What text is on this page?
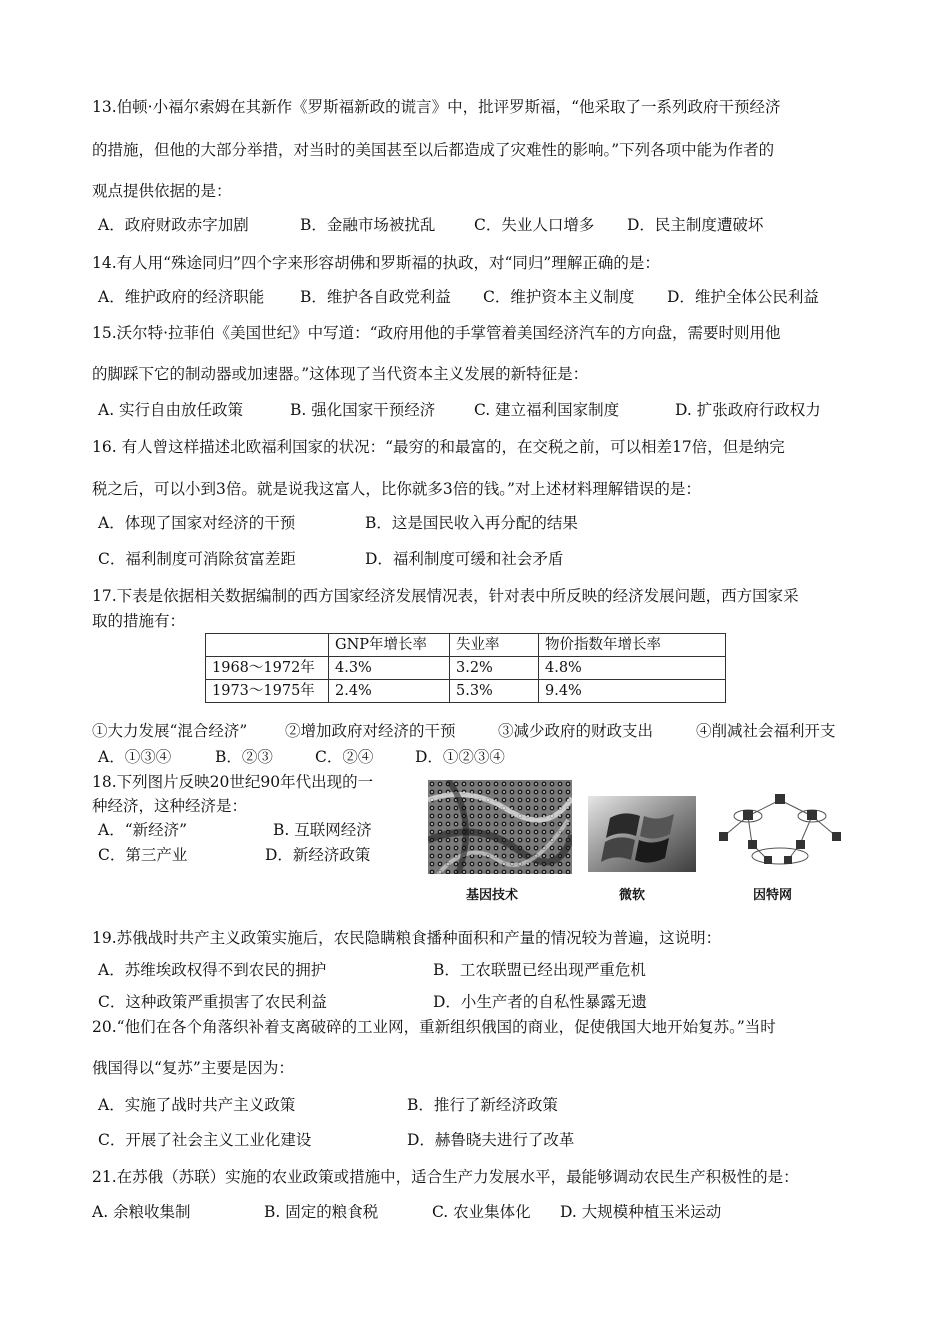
13.伯顿·小福尔索姆在其新作《罗斯福新政的谎言》中，批评罗斯福，“他采取了一系列政府干预经济
的措施，但他的大部分举措，对当时的美国甚至以后都造成了灾难性的影响。”下列各项中能为作者的
观点提供依据的是：
A．政府财政赤字加剧	B．金融市场被扰乱 C．失业人口增多 D．民主制度遭破坏
14.有人用“殊途同归”四个字来形容胡佛和罗斯福的执政，对“同归”理解正确的是：
A．维护政府的经济职能 B．维护各自政党利益 C．维护资本主义制度 D．维护全体公民利益
15.沃尔特·拉菲伯《美国世纪》中写道：“政府用他的手掌管着美国经济汽车的方向盘，需要时则用他
的脚踩下它的制动器或加速器。”这体现了当代资本主义发展的新特征是：
A. 实行自由放任政策	B. 强化国家干预经济	C. 建立福利国家制度	D. 扩张政府行政权力
16. 有人曾这样描述北欧福利国家的状况：“最穷的和最富的，在交税之前，可以相差17倍，但是纳完
税之后，可以小到3倍。就是说我这富人，比你就多3倍的钱。”对上述材料理解错误的是：
A．体现了国家对经济的干预	B．这是国民收入再分配的结果
C．福利制度可消除贫富差距	D．福利制度可缓和社会矛盾
17.下表是依据相关数据编制的西方国家经济发展情况表，针对表中所反映的经济发展问题，西方国家采
取的措施有：
	GNP年增长率	失业率	物价指数年增长率
1968～1972年	4.3%	3.2%	4.8%
1973～1975年	2.4%	5.3%	9.4%
①大力发展“混合经济” ②增加政府对经济的干预	③减少政府的财政支出	④削减社会福利开支
A．①③④	B．②③	C．②④	D．①②③④
18.下列图片反映20世纪90年代出现的一
种经济，这种经济是：
A．“新经济”	B. 互联网经济
C．第三产业	D．新经济政策
基因技术	微软	因特网
19.苏俄战时共产主义政策实施后，农民隐瞒粮食播种面积和产量的情况较为普遍，这说明：
A．苏维埃政权得不到农民的拥护	B．工农联盟已经出现严重危机
C．这种政策严重损害了农民利益	D．小生产者的自私性暴露无遗
20.“他们在各个角落织补着支离破碎的工业网，重新组织俄国的商业，促使俄国大地开始复苏。”当时
俄国得以“复苏”主要是因为：
A．实施了战时共产主义政策	B．推行了新经济政策
C．开展了社会主义工业化建设	D．赫鲁晓夫进行了改革
21.在苏俄（苏联）实施的农业政策或措施中，适合生产力发展水平，最能够调动农民生产积极性的是：
A. 余粮收集制	B. 固定的粮食税	C. 农业集体化 D. 大规模种植玉米运动
